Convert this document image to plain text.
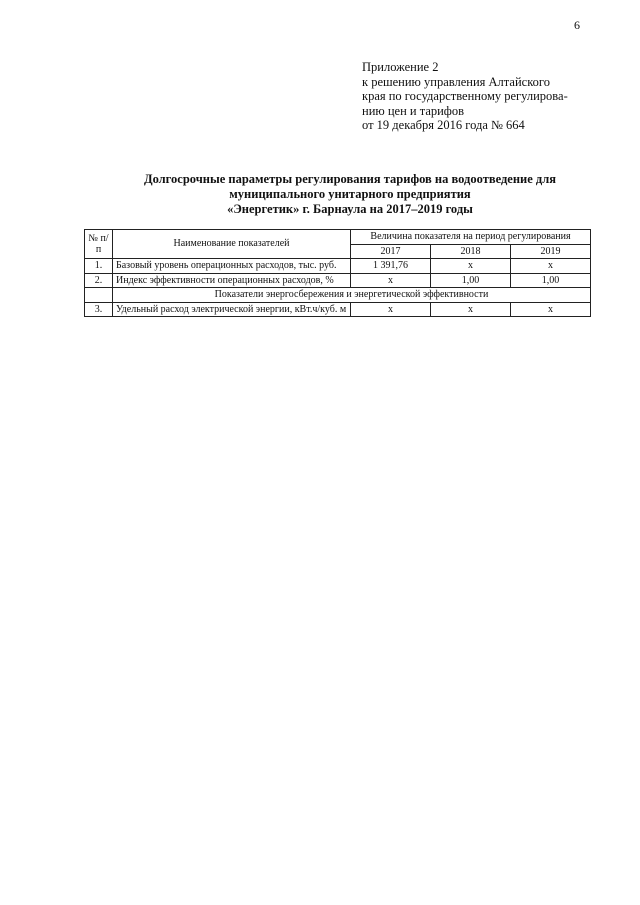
6
Приложение 2
к решению управления Алтайского
края по государственному регулирова-
нию цен и тарифов
от 19 декабря 2016 года № 664
Долгосрочные параметры регулирования тарифов на водоотведение для
муниципального унитарного предприятия
«Энергетик» г. Барнаула на 2017–2019 годы
№ п/п	Наименование показателей	Величина показателя на период регулирования		
		2017	2018	2019
1.	Базовый уровень операционных расходов, тыс. руб.	1 391,76	х	х
2.	Индекс эффективности операционных расходов, %	х	1,00	1,00
	Показатели энергосбережения и энергетической эффективности			
3.	Удельный расход электрической энергии, кВт.ч/куб. м	х	х	х
